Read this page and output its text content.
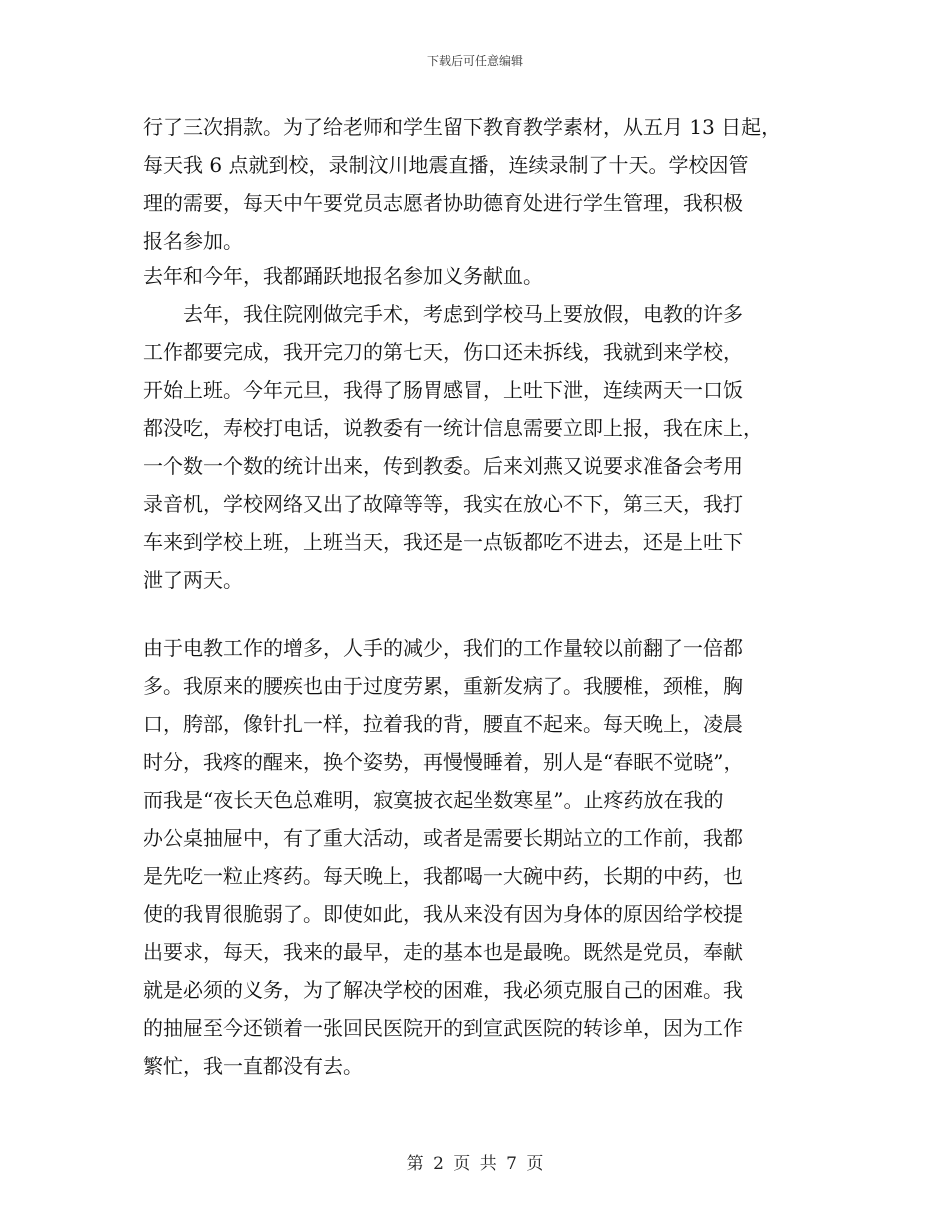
下载后可任意编辑
行了三次捐款。为了给老师和学生留下教育教学素材，从五月 13 日起，
每天我 6 点就到校，录制汶川地震直播，连续录制了十天。学校因管
理的需要，每天中午要党员志愿者协助德育处进行学生管理，我积极
报名参加。
去年和今年，我都踊跃地报名参加义务献血。
　　去年，我住院刚做完手术，考虑到学校马上要放假，电教的许多
工作都要完成，我开完刀的第七天，伤口还未拆线，我就到来学校，
开始上班。今年元旦，我得了肠胃感冒，上吐下泄，连续两天一口饭
都没吃，寿校打电话，说教委有一统计信息需要立即上报，我在床上，
一个数一个数的统计出来，传到教委。后来刘燕又说要求准备会考用
录音机，学校网络又出了故障等等，我实在放心不下，第三天，我打
车来到学校上班，上班当天，我还是一点钣都吃不进去，还是上吐下
泄了两天。
由于电教工作的增多，人手的减少，我们的工作量较以前翻了一倍都
多。我原来的腰疾也由于过度劳累，重新发病了。我腰椎，颈椎，胸
口，胯部，像针扎一样，拉着我的背，腰直不起来。每天晚上，凌晨
时分，我疼的醒来，换个姿势，再慢慢睡着，别人是“春眠不觉晓”，
而我是“夜长天色总难明，寂寞披衣起坐数寒星”。止疼药放在我的
办公桌抽屉中，有了重大活动，或者是需要长期站立的工作前，我都
是先吃一粒止疼药。每天晚上，我都喝一大碗中药，长期的中药，也
使的我胃很脆弱了。即使如此，我从来没有因为身体的原因给学校提
出要求，每天，我来的最早，走的基本也是最晚。既然是党员，奉献
就是必须的义务，为了解决学校的困难，我必须克服自己的困难。我
的抽屉至今还锁着一张回民医院开的到宣武医院的转诊单，因为工作
繁忙，我一直都没有去。
第 2 页 共 7 页
